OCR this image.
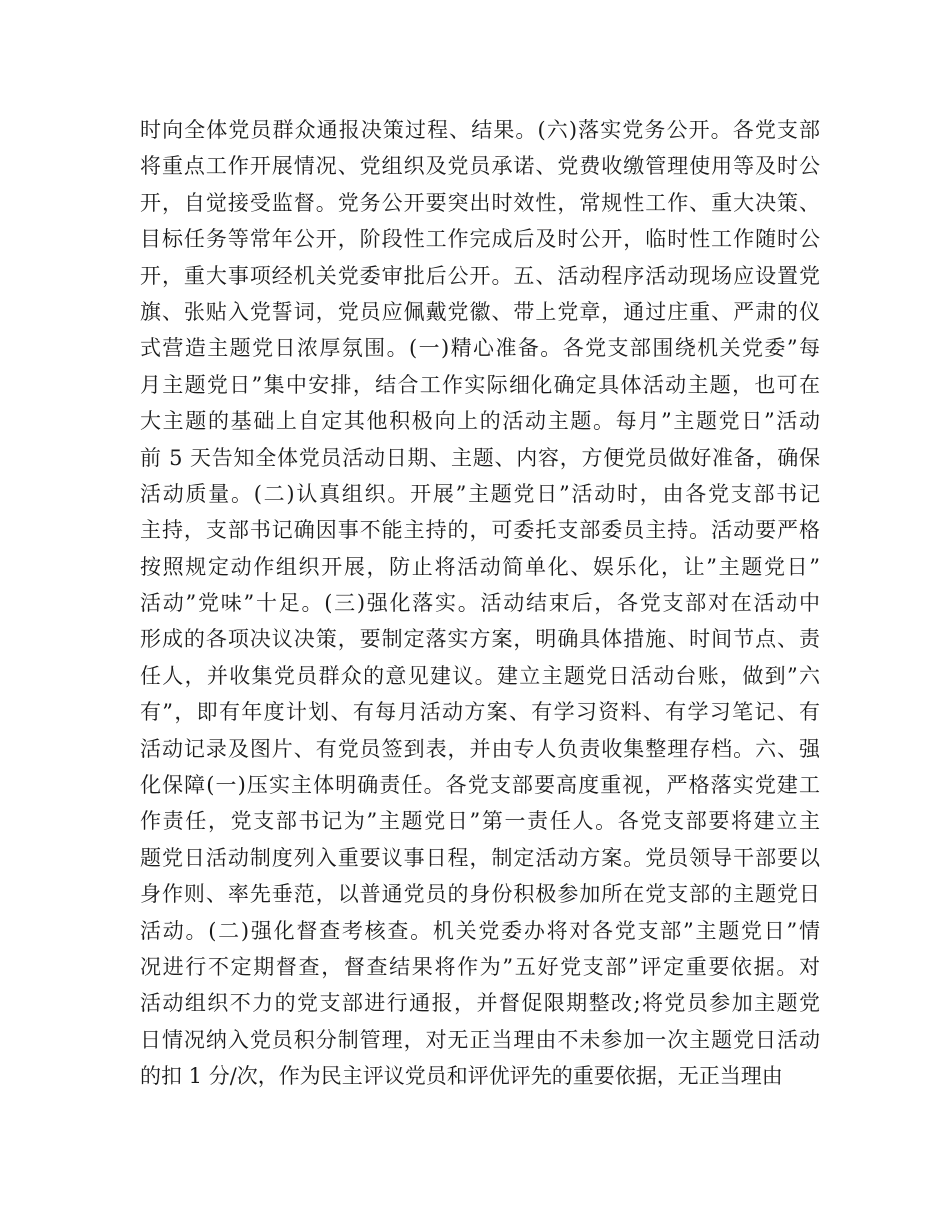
时向全体党员群众通报决策过程、结果。(六)落实党务公开。各党支部
将重点工作开展情况、党组织及党员承诺、党费收缴管理使用等及时公
开，自觉接受监督。党务公开要突出时效性，常规性工作、重大决策、
目标任务等常年公开，阶段性工作完成后及时公开，临时性工作随时公
开，重大事项经机关党委审批后公开。五、活动程序活动现场应设置党
旗、张贴入党誓词，党员应佩戴党徽、带上党章，通过庄重、严肃的仪
式营造主题党日浓厚氛围。(一)精心准备。各党支部围绕机关党委”每
月主题党日”集中安排，结合工作实际细化确定具体活动主题，也可在
大主题的基础上自定其他积极向上的活动主题。每月”主题党日”活动
前 5 天告知全体党员活动日期、主题、内容，方便党员做好准备，确保
活动质量。(二)认真组织。开展”主题党日”活动时，由各党支部书记
主持，支部书记确因事不能主持的，可委托支部委员主持。活动要严格
按照规定动作组织开展，防止将活动简单化、娱乐化，让”主题党日”
活动”党味”十足。(三)强化落实。活动结束后，各党支部对在活动中
形成的各项决议决策，要制定落实方案，明确具体措施、时间节点、责
任人，并收集党员群众的意见建议。建立主题党日活动台账，做到”六
有”，即有年度计划、有每月活动方案、有学习资料、有学习笔记、有
活动记录及图片、有党员签到表，并由专人负责收集整理存档。六、强
化保障(一)压实主体明确责任。各党支部要高度重视，严格落实党建工
作责任，党支部书记为”主题党日”第一责任人。各党支部要将建立主
题党日活动制度列入重要议事日程，制定活动方案。党员领导干部要以
身作则、率先垂范，以普通党员的身份积极参加所在党支部的主题党日
活动。(二)强化督查考核查。机关党委办将对各党支部”主题党日”情
况进行不定期督查，督查结果将作为”五好党支部”评定重要依据。对
活动组织不力的党支部进行通报，并督促限期整改;将党员参加主题党
日情况纳入党员积分制管理，对无正当理由不未参加一次主题党日活动
的扣 1 分/次，作为民主评议党员和评优评先的重要依据，无正当理由
